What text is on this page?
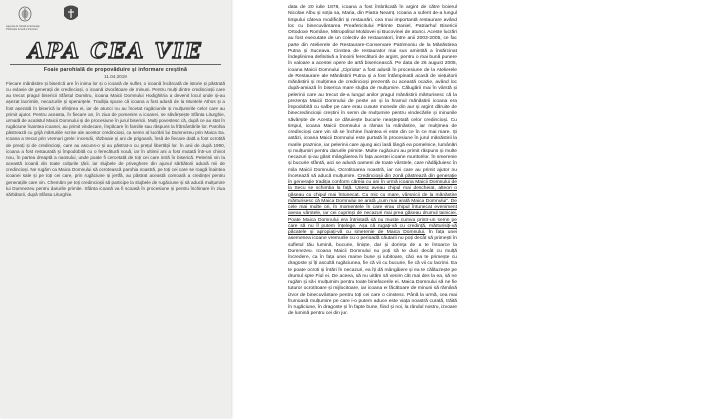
Agenția de Știință și Educație
Publicație lunară a Parohiei
APA CEA VIE
Foaie parohială de propovăduire și informare creștină
11.04.2019
Fiecare mănăstire și biserică are în inima lor și o icoană de suflet, o icoană încărcată de istorie și păstrată cu evlavie de generații de credincioși, o icoană izvorâtoare de minuni. Pentru mulți dintre credincioșii care au trecut pragul bisericii Sfântul Dumitru, icoana Maicii Domnului Hodighitria a devenit locul unde și-au așezat lacrimile, necazurile și speranțele. Tradiția spune că icoana a fost adusă de la Muntele Athos și a fost așezată în biserică la sfințirea ei, iar de atunci nu au încetat rugăciunile și mulțumirile celor care au primit ajutor. Pentru aceasta, în fiecare an, în ziua de pomenire a icoanei, se săvârșește Sfânta Liturghie, urmată de acatistul Maicii Domnului și de procesiune în jurul bisericii. Mulți povestesc că, după ce au stat în rugăciune înaintea icoanei, au primit vindecare, împăcare în familie sau răspuns la frământările lor. Parohia păstrează cu grijă mărturiile scrise ale acestor credincioși, ca semn al lucrării lui Dumnezeu prin Maica Sa. Icoana a trecut prin vremuri grele: incendii, războaie și ani de prigoană, însă de fiecare dată a fost ocrotită de preoți și de credincioși, care au ascuns-o și au păstrat-o cu prețul libertății lor. În anii de după 1990, icoana a fost restaurată și împodobită cu o ferecătură nouă, iar în ultimii ani a fost mutată într-un chivot nou, în partea dreaptă a naosului, unde poate fi cercetată de toți cei care intră în biserică. Pelerinii vin la această icoană din toate colțurile țării, iar slujbele de priveghere din ajunul sărbătorii adună mii de credincioși. Ne rugăm ca Maica Domnului să ocrotească parohia noastră, pe toți cei care se roagă înaintea icoanei sale și pe toți cei care, prin rugăciune și jertfă, au păstrat această comoară a credinței pentru generațiile care vin. Chemăm pe toți credincioșii să participe la slujbele de rugăciune și să aducă mulțumire lui Dumnezeu pentru darurile primite. Sfânta icoană va fi scoasă în procesiune și pentru închinare în ziua sărbătorii, după Sfânta Liturghie.
data de 20 iulie 1878, icoana a fost îmbrăcată în argint de către boierul Nicolae Albu și soția sa, Maria, din Piatra Neamț. Icoana a suferit de-a lungul timpului câteva modificări și restaurări, cea mai importantă restaurare având loc cu binecuvântarea Preafericitului Părinte Daniel, Patriarhul Bisericii Ortodoxe Române, Mitropolitul Moldovei și Bucovinei de atunci. Aceste lucrări au fost executate de un colectiv de restauratori, între anii 2003-2005, ce fac parte din Atelierele de Restaurare-Conservare Patrimoniu de la Mănăstirea Putna și Suceava. Cinstea de restaurator mai sus amintită a însărcinat îndeplinirea definitivă a înnoirii ferecăturii de argint, pentru o mai bună punere în valoare a acestei opere de artă bisericească. Pe data de 26 august 2005, icoana Maicii Domnului „Cipriota” a fost adusă în procesiune de la Atelierele de Restaurare ale Mănăstirii Putna și a fost întâmpinată acasă de viețuitorii mănăstirii și mulțimea de credincioși prezentă cu această ocazie, având loc după-amiază în biserica mare slujba de mulțumire. Călugării mai în vârstă și pelerinii care au trecut de-a lungul anilor pragul mănăstirii mărturisesc că la prezența Maicii Domnului de peste an și la hramul mănăstirii icoana era împodobită cu salbe pe care erau cusute monede din aur și argint dăruite de binecredincioșii creștini în semn de mulțumire pentru vindecările și minunile săvârșite de Acesta ce dăruiește bucurie neașteptată celor credincioși. Cu timpul, icoana Maicii Domnului a rămas la mănăstire, iar mulțimea de credincioși care vin să se închine înaintea ei este din ce în ce mai mare. Și astăzi, icoana Maicii Domnului este purtată în procesiune în jurul mănăstirii la marile praznice, iar pelerinii care ajung aici lasă lângă ea pomelnice, lumânări și mulțumiri pentru darurile primite. Multe rugăciuni au primit răspuns și multe necazuri și-au găsit mângâierea în fața acestei icoane muritorilor. În smerenie și bucurie sfântă, aici se adună oameni de toate vârstele, care nădăjduiesc în mila Maicii Domnului, Ocrotitoarea noastră, iar cei care au primit ajutor nu încetează să aducă mulțumire. Credincioșii din zonă păstrează din generație în generație tradiția conform căreia cu ani în urmă icoana Maicii Domnului de la Secu se schimba la față. Unesc aveau chipul mai descheiat, alteori o găseau cu chipul mai întunecat. Cu mic cu mare, vârsnicii de la mănăstire mărturisesc că Maica Domnului se arată „cum mai arată Maica Domnului”. De cele mai multe ori, în momentele în care erau chipul întunecat eveniment aveau vârstele, iar cei cuprinși de necazuri mai prea găseau drumul tainiciei. Poate Maica Domnului era întristată să nu muste cumva printr-un semn pe care să nu îl putem înțelege. Așa că rugați-vă cu credință, mărturisiți-vă păcatele și apropiați-vă cu smerenie de Maica Domnului. În fața unei asemenea icoane vremurile cu o perioadă căutarii nu poți decât să primești în sufletul tău lumină, bucurie, liniște, dar și dorința de a te întoarce la Dumnezeu. Icoana Maicii Domnului nu poți să te duci decât cu mulță încredere, ca în fața unei mame bune și iubitoare, căci ea te primește cu dragoste și îți ascultă rugăciunea, fie că vii cu bucurie, fie că vii cu lacrimi. Ea te poate ocroti și întări în necazuri, ea îți dă mângâiere și ea te călăuzește pe drumul spre Fiul ei. De aceea, să nu uităm să venim cât mai des la ea, să ne rugăm și să-i mulțumim pentru toate binefacerile ei. Maica Domnului să ne fie tuturor ocrotitoare și mijlocitoare, iar icoana ei făcătoare de minuni să rămână izvor de binecuvântare pentru toți cei care o cinstesc. Până la urmă, cea mai frumoasă mulțumire pe care i-o putem aduce este viața noastră curată, trăită în rugăciune, în dragoste și în fapte bune, fiind și noi, la rândul nostru, izvoare de lumină pentru cei din jur.
